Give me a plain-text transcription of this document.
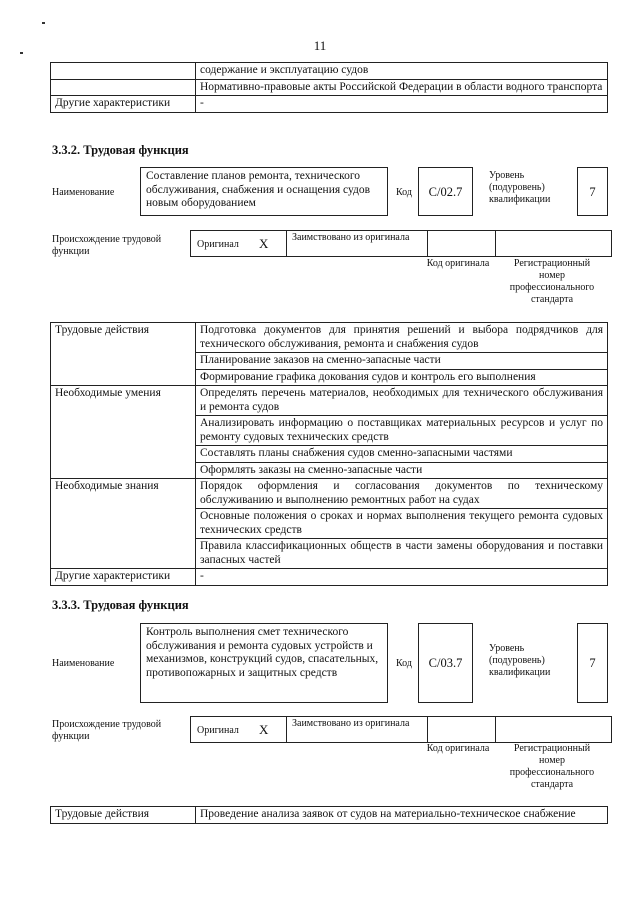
11
	содержание и эксплуатацию судов
	Нормативно-правовые акты Российской Федерации в области водного транспорта
Другие характеристики	-
3.3.2. Трудовая функция
Наименование
Составление планов ремонта, технического обслуживания, снабжения и оснащения судов новым оборудованием
Код	C/02.7
Уровень (подуровень) квалификации
7
Происхождение трудовой функции
Оригинал X Заимствовано из оригинала
Код оригинала	Регистрационный номер профессионального стандарта
Трудовые действия	Подготовка документов для принятия решений и выбора подрядчиков для технического обслуживания, ремонта и снабжения судов
	Планирование заказов на сменно-запасные части
	Формирование графика докования судов и контроль его выполнения
Необходимые умения	Определять перечень материалов, необходимых для технического обслуживания и ремонта судов
	Анализировать информацию о поставщиках материальных ресурсов и услуг по ремонту судовых технических средств
	Составлять планы снабжения судов сменно-запасными частями
	Оформлять заказы на сменно-запасные части
Необходимые знания	Порядок оформления и согласования документов по техническому обслуживанию и выполнению ремонтных работ на судах
	Основные положения о сроках и нормах выполнения текущего ремонта судовых технических средств
	Правила классификационных обществ в части замены оборудования и поставки запасных частей
Другие характеристики	-
3.3.3. Трудовая функция
Наименование
Контроль выполнения смет технического обслуживания и ремонта судовых устройств и механизмов, конструкций судов, спасательных, противопожарных и защитных средств
Код	C/03.7
Уровень (подуровень) квалификации
7
Происхождение трудовой функции
Оригинал X Заимствовано из оригинала
Код оригинала	Регистрационный номер профессионального стандарта
Трудовые действия	Проведение анализа заявок от судов на материально-техническое снабжение
